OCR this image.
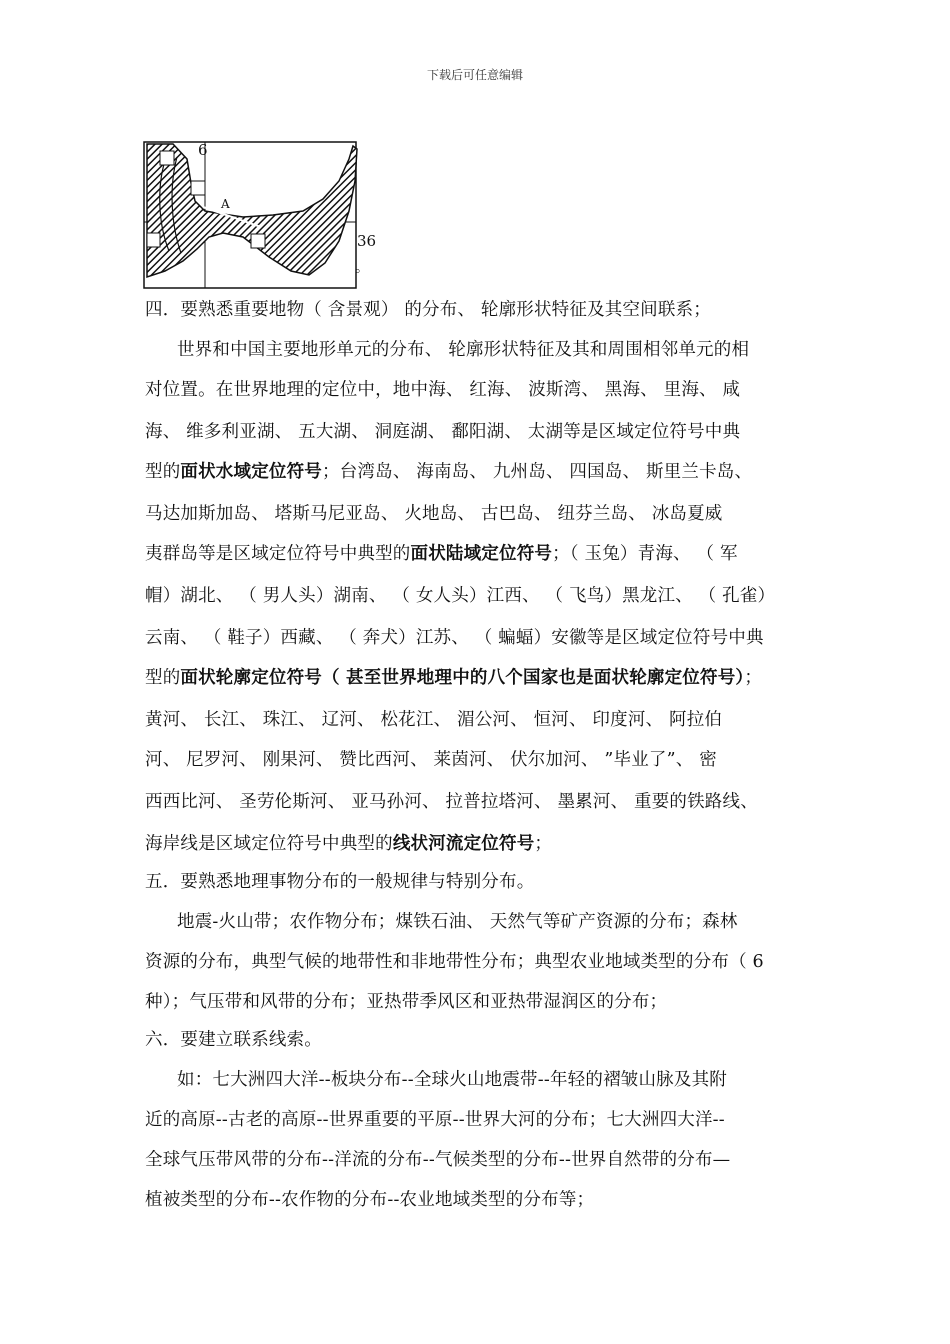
下载后可任意编辑
6
A
36
。
四．要熟悉重要地物（ 含景观） 的分布、 轮廓形状特征及其空间联系；
世界和中国主要地形单元的分布、 轮廓形状特征及其和周围相邻单元的相
对位置。在世界地理的定位中，地中海、 红海、 波斯湾、 黑海、 里海、 咸
海、 维多利亚湖、 五大湖、 洞庭湖、 鄱阳湖、 太湖等是区域定位符号中典
型的面状水域定位符号；台湾岛、 海南岛、 九州岛、 四国岛、 斯里兰卡岛、
马达加斯加岛、 塔斯马尼亚岛、 火地岛、 古巴岛、 纽芬兰岛、 冰岛夏威
夷群岛等是区域定位符号中典型的面状陆域定位符号；（ 玉兔）青海、 （ 军
帽）湖北、 （ 男人头）湖南、 （ 女人头）江西、 （ 飞鸟）黑龙江、 （ 孔雀）
云南、 （ 鞋子）西藏、 （ 奔犬）江苏、 （ 蝙蝠）安徽等是区域定位符号中典
型的面状轮廓定位符号（ 甚至世界地理中的八个国家也是面状轮廓定位符号）；
黄河、 长江、 珠江、 辽河、 松花江、 湄公河、 恒河、 印度河、 阿拉伯
河、 尼罗河、 刚果河、 赞比西河、 莱茵河、 伏尔加河、 ”毕业了”、 密
西西比河、 圣劳伦斯河、 亚马孙河、 拉普拉塔河、 墨累河、 重要的铁路线、
海岸线是区域定位符号中典型的线状河流定位符号；
五．要熟悉地理事物分布的一般规律与特别分布。
地震-火山带；农作物分布；煤铁石油、 天然气等矿产资源的分布；森林
资源的分布，典型气候的地带性和非地带性分布；典型农业地域类型的分布（ 6
种）；气压带和风带的分布；亚热带季风区和亚热带湿润区的分布；
六．要建立联系线索。
如：七大洲四大洋--板块分布--全球火山地震带--年轻的褶皱山脉及其附
近的高原--古老的高原--世界重要的平原--世界大河的分布；七大洲四大洋--
全球气压带风带的分布--洋流的分布--气候类型的分布--世界自然带的分布—
植被类型的分布--农作物的分布--农业地域类型的分布等；
